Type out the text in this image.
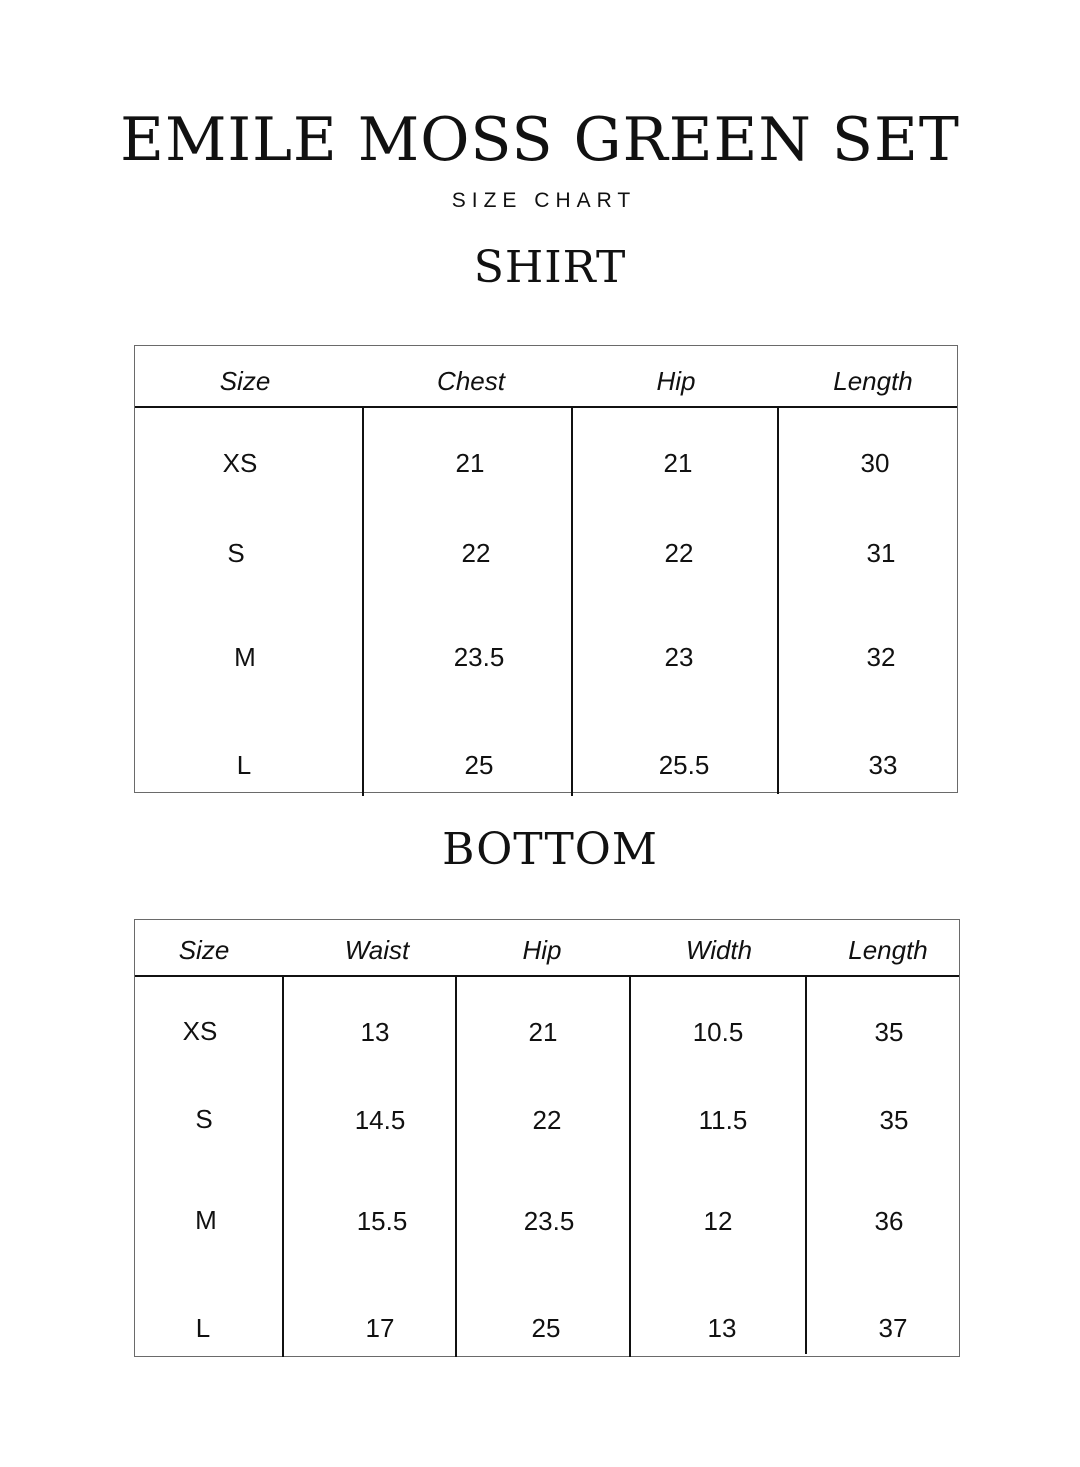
EMILE MOSS GREEN SET
SIZE CHART
SHIRT
Size	Chest	Hip	Length
XS	21	21	30
S	22	22	31
M	23.5	23	32
L	25	25.5	33
BOTTOM
Size	Waist	Hip	Width	Length
XS	13	21	10.5	35
S	14.5	22	11.5	35
M	15.5	23.5	12	36
L	17	25	13	37
